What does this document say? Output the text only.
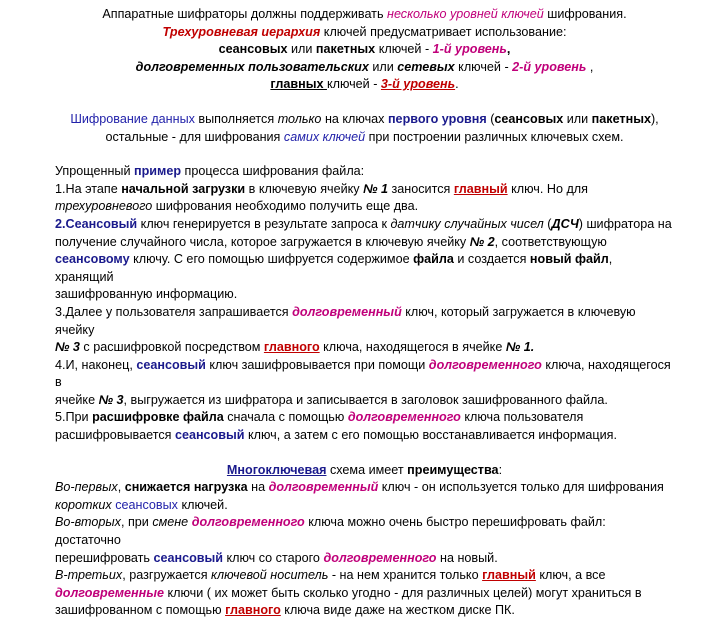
Аппаратные шифраторы должны поддерживать несколько уровней ключей шифрования.

Трехуровневая иерархия ключей предусматривает использование:

сеансовых или пакетных ключей - 1-й уровень,

долговременных пользовательских или сетевых ключей - 2-й уровень ,

главных ключей - 3-й уровень.

Шифрование данных выполняется только на ключах первого уровня (сеансовых или пакетных),

остальные - для шифрования самих ключей при построении различных ключевых схем.

Упрощенный пример процесса шифрования файла:

1.На этапе начальной загрузки в ключевую ячейку № 1 заносится главный ключ. Но для
трехуровневого шифрования необходимо получить еще два.

2.Сеансовый ключ генерируется в результате запроса к датчику случайных чисел (ДСЧ) шифратора на
получение случайного числа, которое загружается в ключевую ячейку № 2, соответствующую
сеансовому ключу. С его помощью шифруется содержимое файла и создается новый файл, хранящий
зашифрованную информацию.

3.Далее у пользователя запрашивается долговременный ключ, который загружается в ключевую ячейку
№ 3 с расшифровкой посредством главного ключа, находящегося в ячейке № 1.

4.И, наконец, сеансовый ключ зашифровывается при помощи долговременного ключа, находящегося в
ячейке № 3, выгружается из шифратора и записывается в заголовок зашифрованного файла.

5.При расшифровке файла сначала с помощью долговременного ключа пользователя
расшифровывается сеансовый ключ, а затем с его помощью восстанавливается информация.

Многоключевая схема имеет преимущества:

Во-первых, снижается нагрузка на долговременный ключ - он используется только для шифрования
коротких сеансовых ключей.

Во-вторых, при смене долговременного ключа можно очень быстро перешифровать файл: достаточно
перешифровать сеансовый ключ со старого долговременного на новый.

В-третьих, разгружается ключевой носитель - на нем хранится только главный ключ, а все
долговременные ключи ( их может быть сколько угодно - для различных целей) могут храниться в
зашифрованном с помощью главного ключа виде даже на жестком диске ПК.
